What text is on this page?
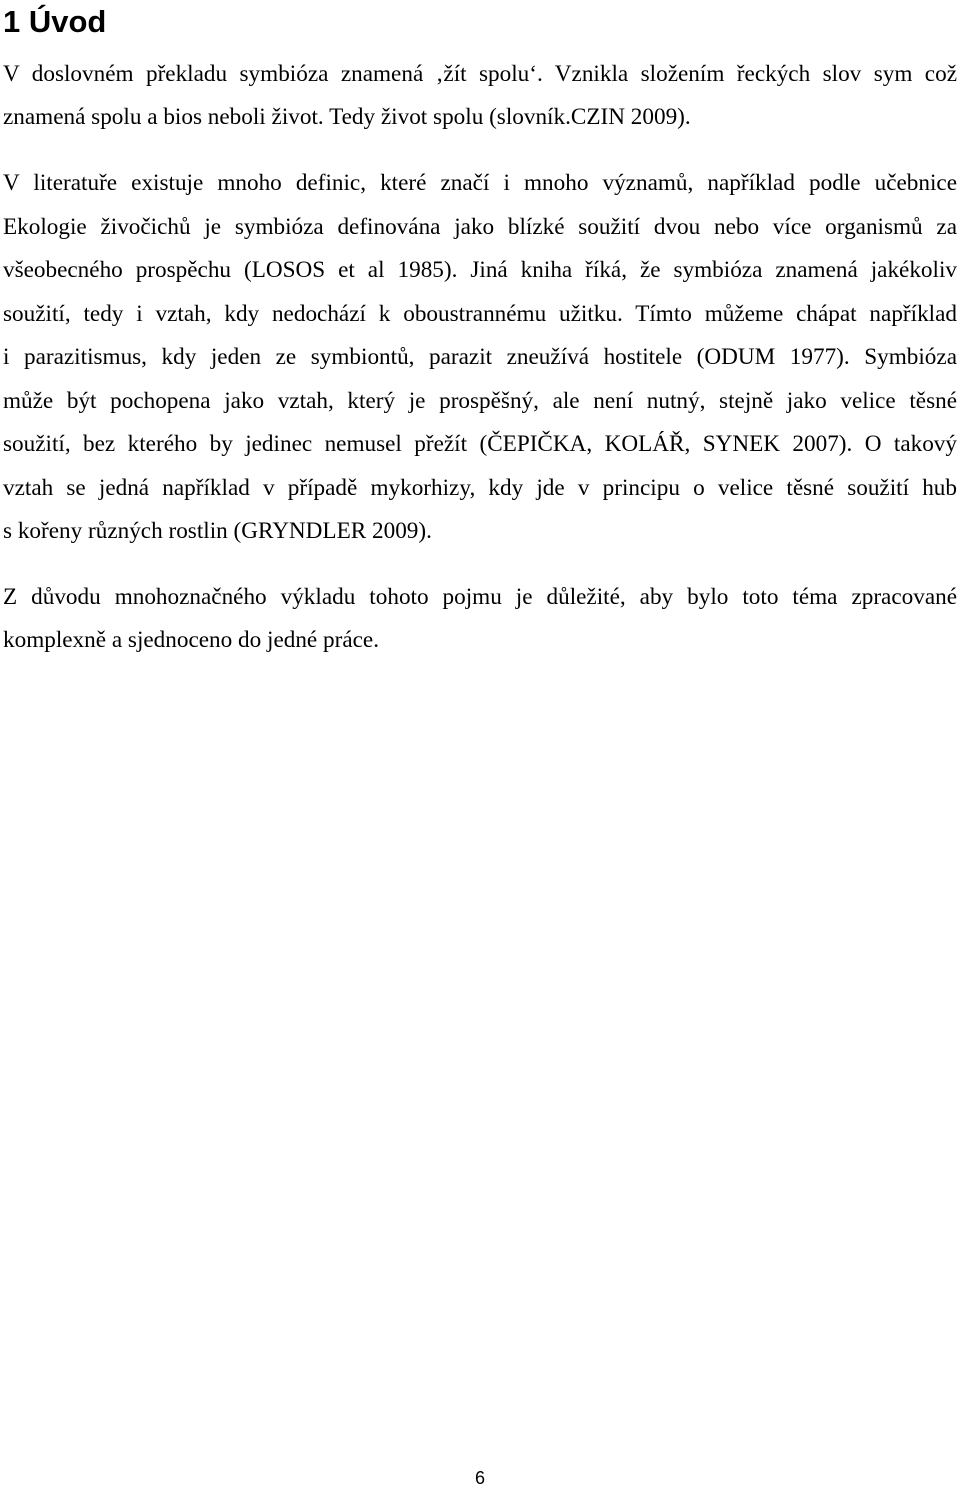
1 Úvod
V doslovném překladu symbióza znamená ‚žít spolu‘. Vznikla složením řeckých slov sym což
znamená spolu a bios neboli život. Tedy život spolu (slovník.CZIN 2009).
V literatuře existuje mnoho definic, které značí i mnoho významů, například podle učebnice
Ekologie živočichů je symbióza definována jako blízké soužití dvou nebo více organismů za
všeobecného prospěchu (LOSOS et al 1985). Jiná kniha říká, že symbióza znamená jakékoliv
soužití, tedy i vztah, kdy nedochází k oboustrannému užitku. Tímto můžeme chápat například
i parazitismus, kdy jeden ze symbiontů, parazit zneužívá hostitele (ODUM 1977). Symbióza
může být pochopena jako vztah, který je prospěšný, ale není nutný, stejně jako velice těsné
soužití, bez kterého by jedinec nemusel přežít (ČEPIČKA, KOLÁŘ, SYNEK 2007). O takový
vztah se jedná například v případě mykorhizy, kdy jde v principu o velice těsné soužití hub
s kořeny různých rostlin (GRYNDLER 2009).
Z důvodu mnohoznačného výkladu tohoto pojmu je důležité, aby bylo toto téma zpracované
komplexně a sjednoceno do jedné práce.
6
